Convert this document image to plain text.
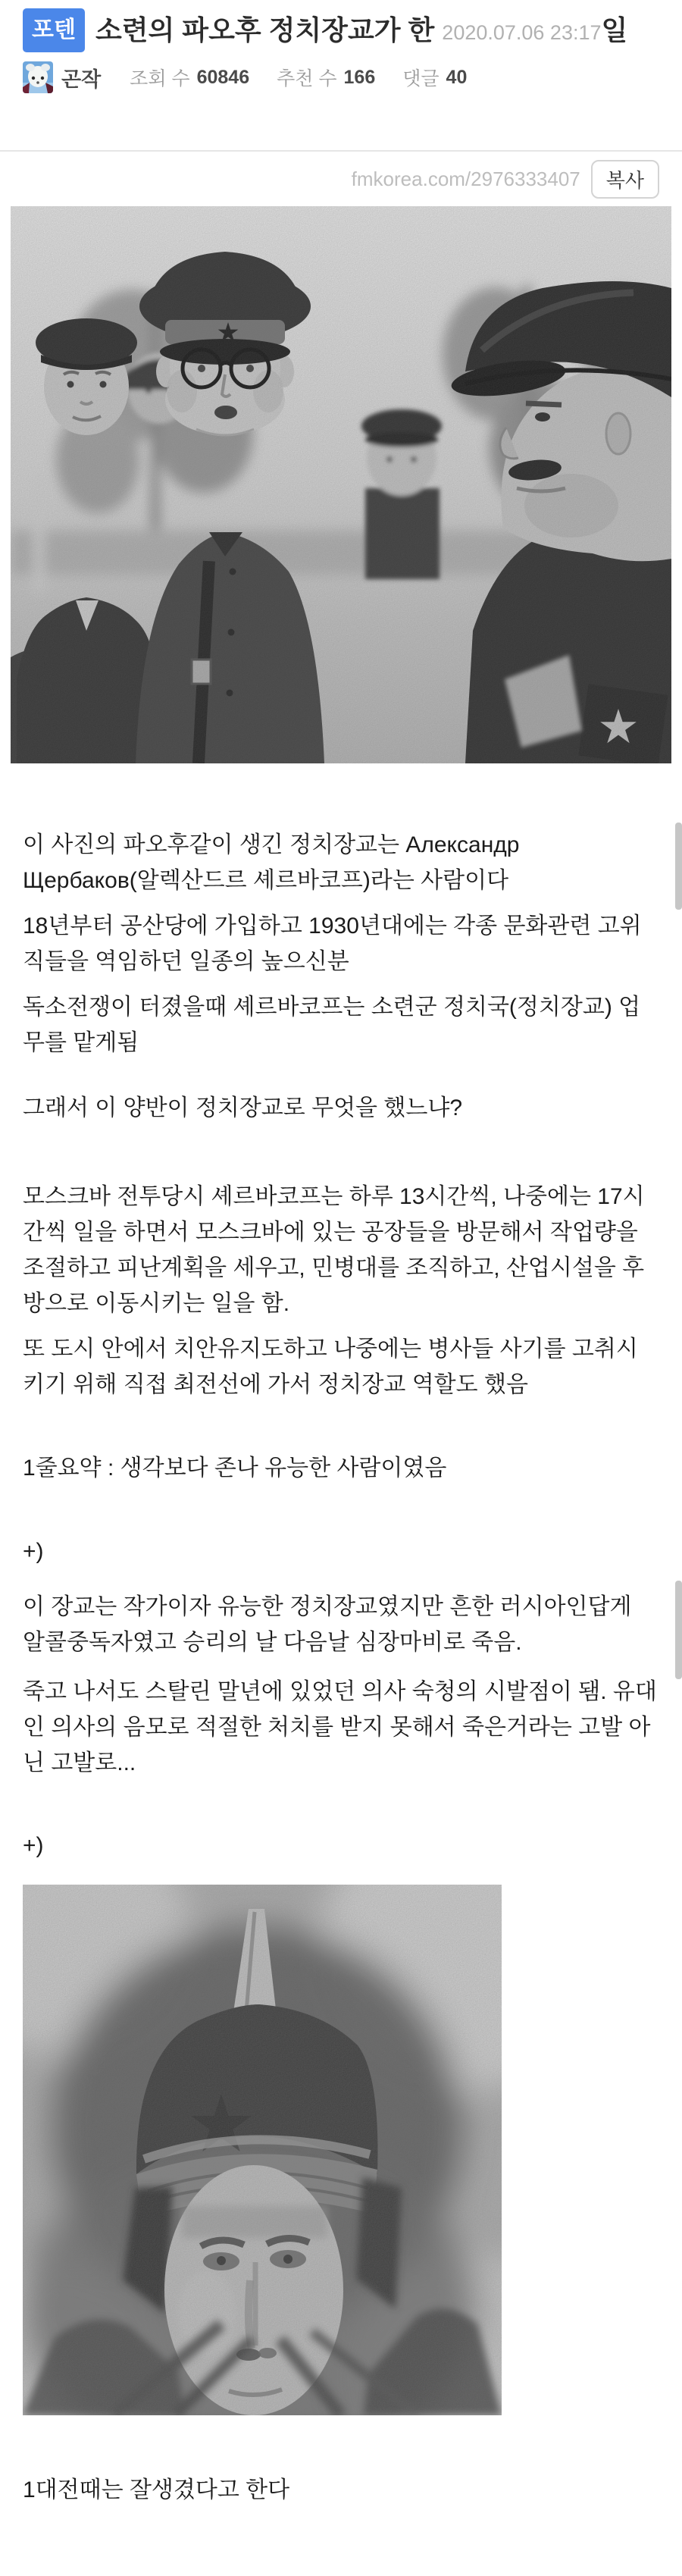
포텐 소련의 파오후 정치장교가 한 2020.07.06 23:17일
곤작 조회 수 60846 추천 수 166 댓글 40
fmkorea.com/2976333407	복사

이 사진의 파오후같이 생긴 정치장교는 Александр Щербаков(알렉산드르 셰르바코프)라는 사람이다

18년부터 공산당에 가입하고 1930년대에는 각종 문화관련 고위직들을 역임하던 일종의 높으신분

독소전쟁이 터졌을때 셰르바코프는 소련군 정치국(정치장교) 업무를 맡게됨

그래서 이 양반이 정치장교로 무엇을 했느냐?

모스크바 전투당시 셰르바코프는 하루 13시간씩, 나중에는 17시간씩 일을 하면서 모스크바에 있는 공장들을 방문해서 작업량을 조절하고 피난계획을 세우고, 민병대를 조직하고, 산업시설을 후방으로 이동시키는 일을 함.

또 도시 안에서 치안유지도하고 나중에는 병사들 사기를 고취시키기 위해 직접 최전선에 가서 정치장교 역할도 했음

1줄요약 : 생각보다 존나 유능한 사람이였음

+)

이 장교는 작가이자 유능한 정치장교였지만 흔한 러시아인답게 알콜중독자였고 승리의 날 다음날 심장마비로 죽음.

죽고 나서도 스탈린 말년에 있었던 의사 숙청의 시발점이 됌. 유대인 의사의 음모로 적절한 처치를 받지 못해서 죽은거라는 고발 아닌 고발로...

+)

1대전때는 잘생겼다고 한다
